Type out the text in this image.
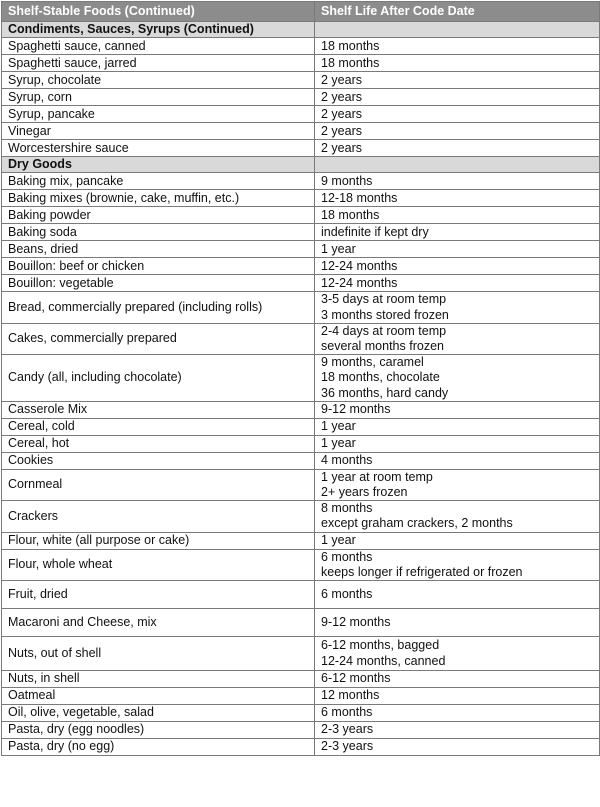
Shelf-Stable Foods (Continued)	Shelf Life After Code Date
Condiments, Sauces, Syrups (Continued)	
Spaghetti sauce, canned	18 months

Spaghetti sauce, jarred	18 months

Syrup, chocolate	2 years

Syrup, corn	2 years

Syrup, pancake	2 years

Vinegar	2 years

Worcestershire sauce	2 years

Dry Goods	
Baking mix, pancake	9 months

Baking mixes (brownie, cake, muffin, etc.)	12-18 months

Baking powder	18 months

Baking soda	indefinite if kept dry

Beans, dried	1 year

Bouillon: beef or chicken	12-24 months

Bouillon: vegetable	12-24 months

Bread, commercially prepared (including rolls)	3-5 days at room temp
3 months stored frozen

Cakes, commercially prepared	2-4 days at room temp
several months frozen

Candy (all, including chocolate)	9 months, caramel
18 months, chocolate
36 months, hard candy

Casserole Mix	9-12 months

Cereal, cold	1 year

Cereal, hot	1 year

Cookies	4 months

Cornmeal	1 year at room temp
2+ years frozen

Crackers	8 months
except graham crackers, 2 months

Flour, white (all purpose or cake)	1 year

Flour, whole wheat	6 months
keeps longer if refrigerated or frozen

Fruit, dried	6 months

Macaroni and Cheese, mix	9-12 months

Nuts, out of shell	6-12 months, bagged
12-24 months, canned

Nuts, in shell	6-12 months

Oatmeal	12 months

Oil, olive, vegetable, salad	6 months

Pasta, dry (egg noodles)	2-3 years

Pasta, dry (no egg)	2-3 years
